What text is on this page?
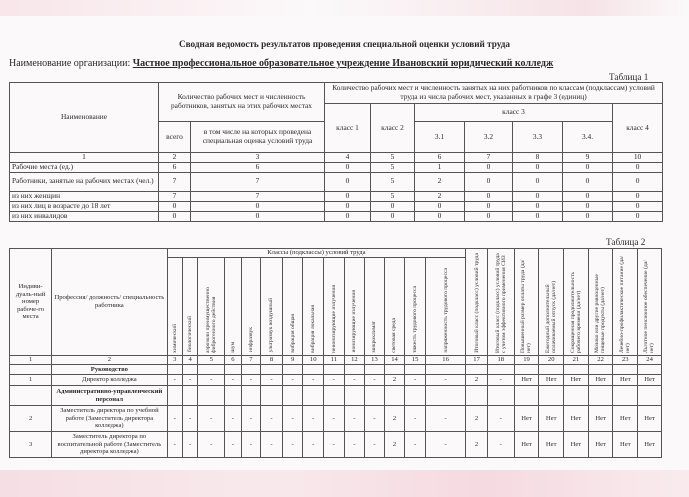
Сводная ведомость результатов проведения специальной оценки условий труда
Наименование организации: Частное профессиональное образовательное учреждение Ивановский юридический колледж
Таблица 1
Наименование	Количество рабочих мест и численность работников, занятых на этих рабочих местах		Количество рабочих мест и численность занятых на них работников по классам (подклассам) условий труда из числа рабочих мест, указанных в графе 3 (единиц)						
			класс 1	класс 2	класс 3				класс 4
	всего	в том числе на которых проведена специальная оценка условий труда			3.1	3.2	3.3	3.4.	
1	2	3	4	5	6	7	8	9	10
Рабочие места (ед.)	6	6	0	5	1	0	0	0	0
Работники, занятые на рабочих местах (чел.)	7	7	0	5	2	0	0	0	0
из них женщин	7	7	0	5	2	0	0	0	0
из них лиц в возрасте до 18 лет	0	0	0	0	0	0	0	0	0
из них инвалидов	0	0	0	0	0	0	0	0	0
Таблица 2
Индиви-дуаль-ный номер рабоче-го места	Профессия/ должность/ специальность работника	Классы (подклассы) условий труда														Итоговый класс (подкласс) условий труда	Итоговый класс (подкласс) условий труда с учетом эффективного применения СИЗ	Повышенный размер оплаты труда (да/нет)	Ежегодный дополнительный оплачиваемый отпуск (да/нет)	Сокращенная продолжительность рабочего времени (да/нет)	Молоко или другие равноценные пищевые продукты (да/нет)	Лечебно-профилактическое питание (да/нет)	Льготное пенсионное обеспечение (да/нет)

		химический	биологический	аэрозоли преимущественно фиброгенного действия	шум	инфразвук	ультразвук воздушный	вибрация общая	вибрация локальная	неионизирующие излучения	ионизирующие излучения	микроклимат	световая среда	тяжесть трудового процесса	напряженность трудового процесса								

1	2	3	4	5	6	7	8	9	10	11	12	13	14	15	16	17	18	19	20	21	22	23	24
	Руководство																						
1	Директор колледжа	-	-	-	-	-	-	-	-	-	-	-	2	-	-	2	-	Нет	Нет	Нет	Нет	Нет	Нет
	Административно-управленческий персонал																						
2	Заместитель директора по учебной работе (Заместитель директора колледжа)	-	-	-	-	-	-	-	-	-	-	-	2	-	-	2	-	Нет	Нет	Нет	Нет	Нет	Нет
3	Заместитель директора по воспитательной работе (Заместитель директора колледжа)	-	-	-	-	-	-	-	-	-	-	-	2	-	-	2	-	Нет	Нет	Нет	Нет	Нет	Нет
